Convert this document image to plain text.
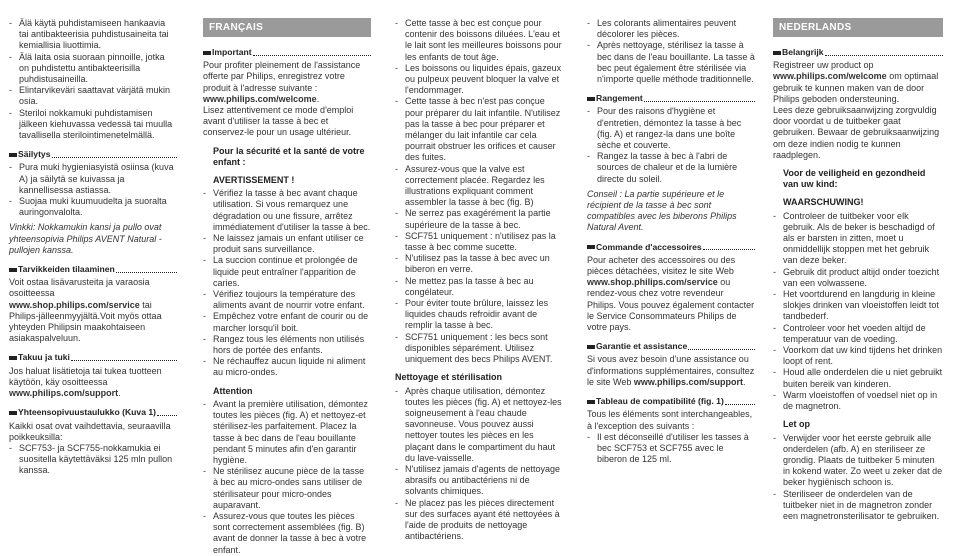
- Älä käytä puhdistamiseen hankaavia tai antibakteerisia puhdistusaineita tai kemiallisia liuottimia.
- Älä laita osia suoraan pinnoille, jotka on puhdistettu antibakteerisilla puhdistusaineilla.
- Elintarvikeväri saattavat värjätä mukin osia.
- Steriloi nokkamuki puhdistamisen jälkeen kiehuvassa vedessä tai muulla tavallisella sterilointimenetelmällä.
Säilytys
- Pura muki hygieniasyistä osiinsa (kuva A) ja säilytä se kuivassa ja kannellisessa astiassa.
- Suojaa muki kuumuudelta ja suoralta auringonvalolta.

Vinkki: Nokkamukin kansi ja pullo ovat yhteensopivia Philips AVENT Natural -pullojen kanssa.

Tarvikkeiden tilaaminen

Voit ostaa lisävarusteita ja varaosia osoitteessa www.shop.philips.com/service tai Philips-jälleenmyyjältä.Voit myös ottaa yhteyden Philipsin maakohtaiseen asiakaspalveluun.

Takuu ja tuki

Jos haluat lisätietoja tai tukea tuotteen käytöön, käy osoitteessa www.philips.com/support.

Yhteensopivuustaulukko (Kuva 1)

Kaikki osat ovat vaihdettavia, seuraavilla poikkeuksilla:

- SCF753- ja SCF755-nokkamukia ei suositella käytettäväksi 125 mln pullon kanssa.
FRANÇAIS
Important

Pour profiter pleinement de l'assistance offerte par Philips, enregistrez votre produit à l'adresse suivante : www.philips.com/welcome.

Lisez attentivement ce mode d'emploi avant d'utiliser la tasse à bec et conservez-le pour un usage ultérieur.

Pour la sécurité et la santé de votre enfant :

AVERTISSEMENT !

- Vérifiez la tasse à bec avant chaque utilisation. Si vous remarquez une dégradation ou une fissure, arrêtez immédiatement d'utiliser la tasse à bec.
- Ne laissez jamais un enfant utiliser ce produit sans surveillance.
- La succion continue et prolongée de liquide peut entraîner l'apparition de caries.
- Vérifiez toujours la température des aliments avant de nourrir votre enfant.
- Empêchez votre enfant de courir ou de marcher lorsqu'il boit.
- Rangez tous les éléments non utilisés hors de portée des enfants.
- Ne réchauffez aucun liquide ni aliment au micro-ondes.

Attention

- Avant la première utilisation, démontez toutes les pièces (fig. A) et nettoyez-et stérilisez-les parfaitement. Placez la tasse à bec dans de l'eau bouillante pendant 5 minutes afin d'en garantir hygiène.
- Ne stérilisez aucune pièce de la tasse à bec au micro-ondes sans utiliser de stérilisateur pour micro-ondes auparavant.
- Assurez-vous que toutes les pièces sont correctement assemblées (fig. B) avant de donner la tasse à bec à votre enfant.
- Cette tasse à bec est conçue pour contenir des boissons diluées. L'eau et le lait sont les meilleures boissons pour les enfants de tout âge.
- Les boissons ou liquides épais, gazeux ou pulpeux peuvent bloquer la valve et l'endommager.
- Cette tasse à bec n'est pas conçue pour préparer du lait infantile. N'utilisez pas la tasse à bec pour préparer et mélanger du lait infantile car cela pourrait obstruer les orifices et causer des fuites.
- Assurez-vous que la valve est correctement placée. Regardez les illustrations expliquant comment assembler la tasse à bec (fig. B)
- Ne serrez pas exagérément la partie supérieure de la tasse à bec.
- SCF751 uniquement : n'utilisez pas la tasse à bec comme sucette.
- N'utilisez pas la tasse à bec avec un biberon en verre.
- Ne mettez pas la tasse à bec au congélateur.
- Pour éviter toute brûlure, laissez les liquides chauds refroidir avant de remplir la tasse à bec.
- SCF751 uniquement : les becs sont disponibles séparément. Utilisez uniquement des becs Philips AVENT.

Nettoyage et stérilisation

- Après chaque utilisation, démontez toutes les pièces (fig. A) et nettoyez-les soigneusement à l'eau chaude savonneuse. Vous pouvez aussi nettoyer toutes les pièces en les plaçant dans le compartiment du haut du lave-vaisselle.
- N'utilisez jamais d'agents de nettoyage abrasifs ou antibactériens ni de solvants chimiques.
- Ne placez pas les pièces directement sur des surfaces ayant été nettoyées à l'aide de produits de nettoyage antibactériens.
- Les colorants alimentaires peuvent décolorer les pièces.
- Après nettoyage, stérilisez la tasse à bec dans de l'eau bouillante. La tasse à bec peut également être stérilisée via n'importe quelle méthode traditionnelle.
Rangement
- Pour des raisons d'hygiène et d'entretien, démontez la tasse à bec (fig. A) et rangez-la dans une boîte sèche et couverte.
- Rangez la tasse à bec à l'abri de sources de chaleur et de la lumière directe du soleil.

Conseil : La partie supérieure et le récipient de la tasse à bec sont compatibles avec les biberons Philips Natural Avent.

Commande d'accessoires

Pour acheter des accessoires ou des pièces détachées, visitez le site Web www.shop.philips.com/service ou rendez-vous chez votre revendeur Philips. Vous pouvez également contacter le Service Consommateurs Philips de votre pays.

Garantie et assistance

Si vous avez besoin d'une assistance ou d'informations supplémentaires, consultez le site Web www.philips.com/support.

Tableau de compatibilité (fig. 1)

Tous les éléments sont interchangeables, à l'exception des suivants :

- Il est déconseillé d'utiliser les tasses à bec SCF753 et SCF755 avec le biberon de 125 ml.
NEDERLANDS
Belangrijk

Registreer uw product op www.philips.com/welcome om optimaal gebruik te kunnen maken van de door Philips geboden ondersteuning.

Lees deze gebruiksaanwijzing zorgvuldig door voordat u de tuitbeker gaat gebruiken. Bewaar de gebruiksaanwijzing om deze indien nodig te kunnen raadplegen.

Voor de veiligheid en gezondheid van uw kind:

WAARSCHUWING!

- Controleer de tuitbeker voor elk gebruik. Als de beker is beschadigd of als er barsten in zitten, moet u onmiddellijk stoppen met het gebruik van deze beker.
- Gebruik dit product altijd onder toezicht van een volwassene.
- Het voortdurend en langdurig in kleine slokjes drinken van vloeistoffen leidt tot tandbederf.
- Controleer voor het voeden altijd de temperatuur van de voeding.
- Voorkom dat uw kind tijdens het drinken loopt of rent.
- Houd alle onderdelen die u niet gebruikt buiten bereik van kinderen.
- Warm vloeistoffen of voedsel niet op in de magnetron.

Let op

- Verwijder voor het eerste gebruik alle onderdelen (afb. A) en steriliseer ze grondig. Plaats de tuitbeker 5 minuten in kokend water. Zo weet u zeker dat de beker hygiënisch schoon is.
- Steriliseer de onderdelen van de tuitbeker niet in de magnetron zonder een magnetronsterilisator te gebruiken.
